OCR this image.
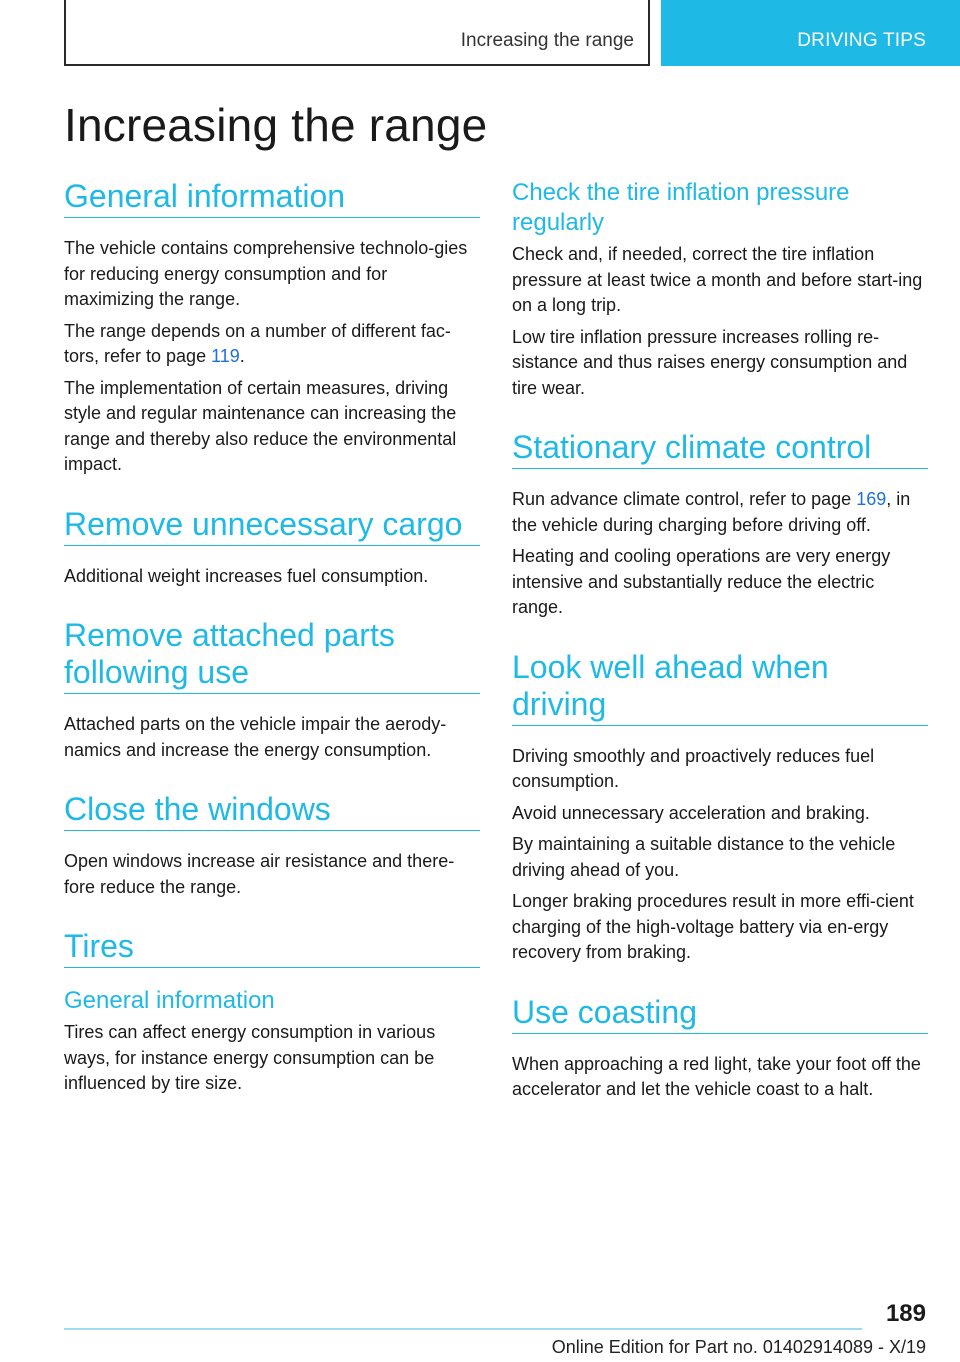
Increasing the range	DRIVING TIPS
Increasing the range
General information

The vehicle contains comprehensive technolo-gies for reducing energy consumption and for maximizing the range.

The range depends on a number of different fac-tors, refer to page 119.

The implementation of certain measures, driving style and regular maintenance can increasing the range and thereby also reduce the environmental impact.

Remove unnecessary cargo

Additional weight increases fuel consumption.

Remove attached parts
following use

Attached parts on the vehicle impair the aerody-namics and increase the energy consumption.

Close the windows

Open windows increase air resistance and there-fore reduce the range.

Tires
General information

Tires can affect energy consumption in various ways, for instance energy consumption can be influenced by tire size.

Check the tire inflation pressure
regularly

Check and, if needed, correct the tire inflation pressure at least twice a month and before start-ing on a long trip.

Low tire inflation pressure increases rolling re-sistance and thus raises energy consumption and tire wear.

Stationary climate control

Run advance climate control, refer to page 169, in the vehicle during charging before driving off.

Heating and cooling operations are very energy intensive and substantially reduce the electric range.

Look well ahead when driving

Driving smoothly and proactively reduces fuel consumption.

Avoid unnecessary acceleration and braking.

By maintaining a suitable distance to the vehicle driving ahead of you.

Longer braking procedures result in more effi-cient charging of the high-voltage battery via en-ergy recovery from braking.

Use coasting

When approaching a red light, take your foot off the accelerator and let the vehicle coast to a halt.

189
Online Edition for Part no. 01402914089 - X/19
